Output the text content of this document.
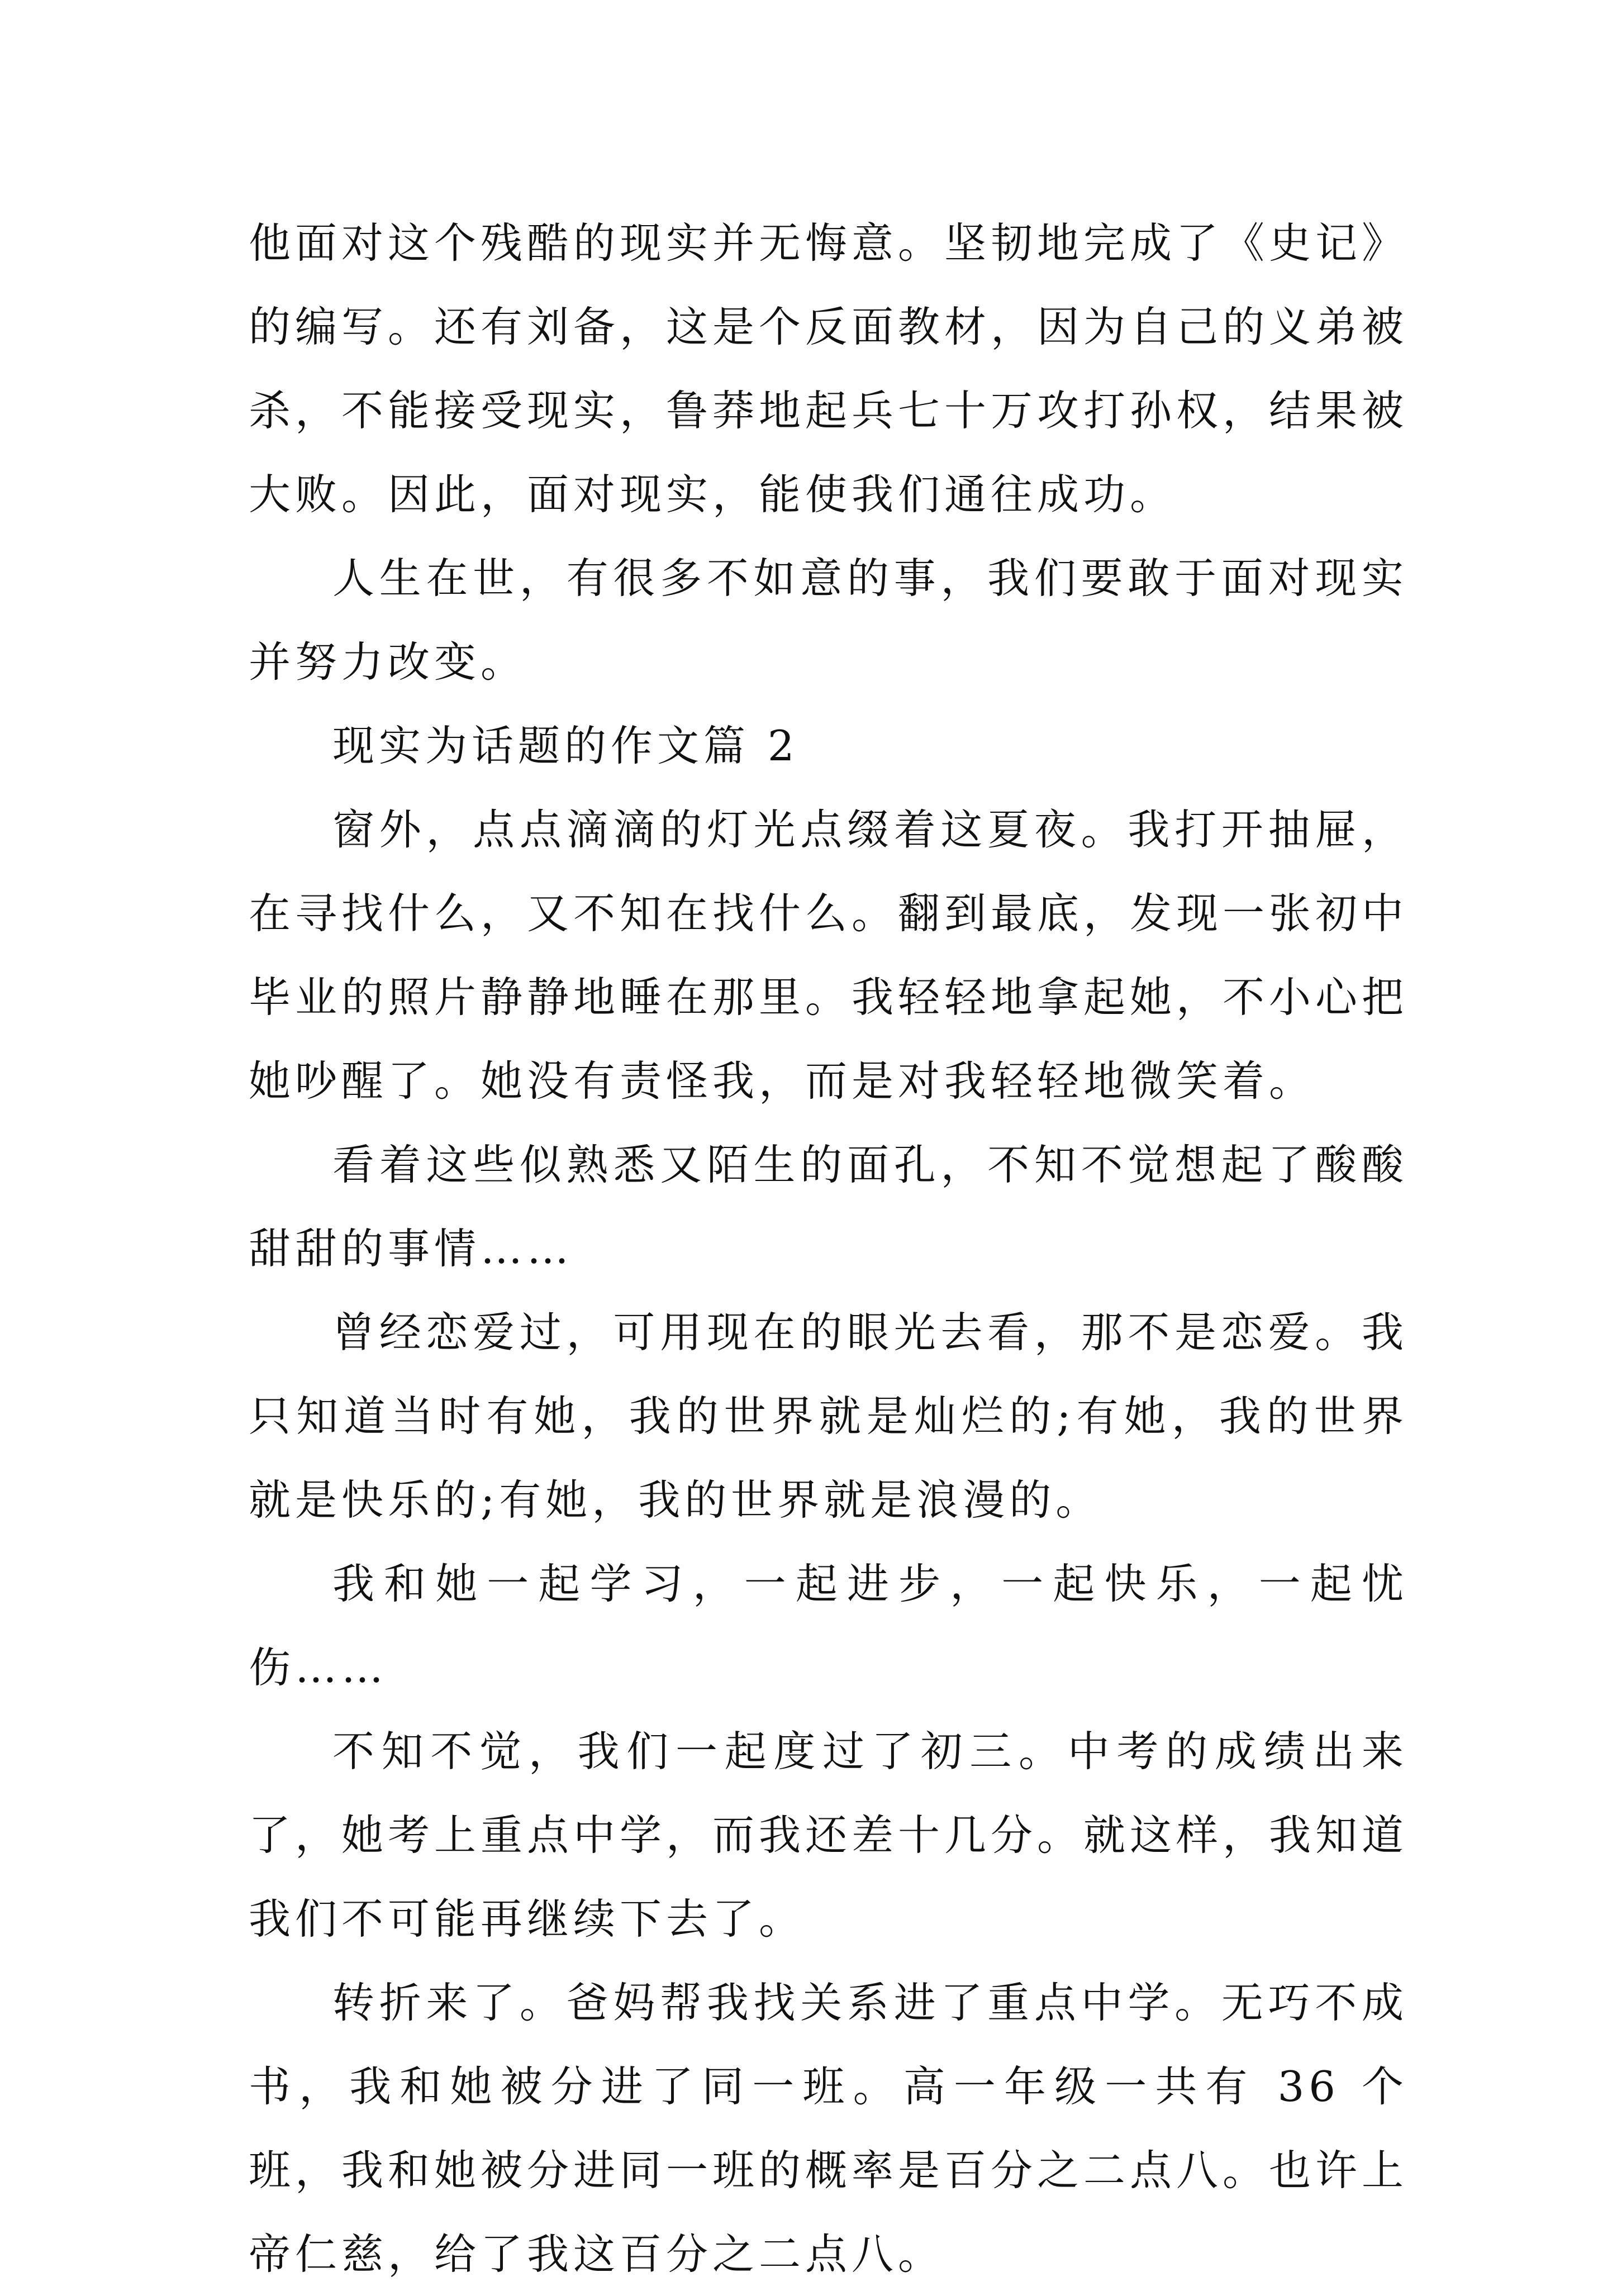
他面对这个残酷的现实并无悔意。坚韧地完成了《史记》的编写。还有刘备，这是个反面教材，因为自己的义弟被杀，不能接受现实，鲁莽地起兵七十万攻打孙权，结果被大败。因此，面对现实，能使我们通往成功。

人生在世，有很多不如意的事，我们要敢于面对现实并努力改变。

现实为话题的作文篇 2

窗外，点点滴滴的灯光点缀着这夏夜。我打开抽屉，在寻找什么，又不知在找什么。翻到最底，发现一张初中毕业的照片静静地睡在那里。我轻轻地拿起她，不小心把她吵醒了。她没有责怪我，而是对我轻轻地微笑着。

看着这些似熟悉又陌生的面孔，不知不觉想起了酸酸甜甜的事情……

曾经恋爱过，可用现在的眼光去看，那不是恋爱。我只知道当时有她，我的世界就是灿烂的;有她，我的世界就是快乐的;有她，我的世界就是浪漫的。

我和她一起学习，一起进步，一起快乐，一起忧伤……

不知不觉，我们一起度过了初三。中考的成绩出来了，她考上重点中学，而我还差十几分。就这样，我知道我们不可能再继续下去了。

转折来了。爸妈帮我找关系进了重点中学。无巧不成书，我和她被分进了同一班。高一年级一共有 36 个班，我和她被分进同一班的概率是百分之二点八。也许上帝仁慈，给了我这百分之二点八。
